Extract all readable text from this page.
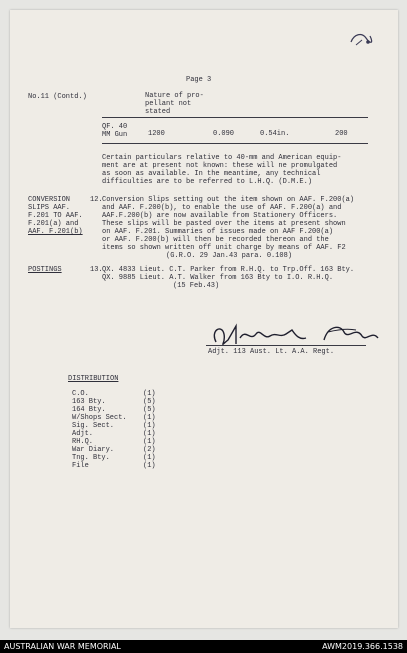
Page 3
No.11 (Contd.)	Nature of pro-
pellant not
stated
QF. 40
MM Gun	1200	0.090	0.54in.	200
Certain particulars relative to 40-mm and American equip-
ment are at present not known: these will ne promulgated
as soon as available. In the meantime, any technical
difficulties are to be referred to L.H.Q. (D.M.E.)
CONVERSION
SLIPS AAF.
F.201 TO AAF.
F.201(a) and
AAF. F.201(b)
12. Conversion Slips setting out the item shown on AAF. F.200(a)
and AAF. F.200(b), to enable the use of AAF. F.200(a) and
AAF.F.200(b) are now available from Stationery Officers.
These slips will be pasted over the items at present shown
on AAF. F.201. Summaries of issues made on AAF F.200(a)
or AAF. F.200(b) will then be recorded thereon and the
items so shown written off unit charge by means of AAF. F2
(G.R.O. 29 Jan.43 para. 0.108)
POSTINGS	13. QX. 4833 Lieut. C.T. Parker from R.H.Q. to Trp.Off. 163 Bty.
QX. 9885 Lieut. A.T. Walker from 163 Bty to I.O. R.H.Q.
(15 Feb.43)
Adjt. 113 Aust. Lt. A.A. Regt.
DISTRIBUTION
C.O.	(1)
163 Bty.	(5)
164 Bty.	(5)
W/Shops Sect. (1)
Sig. Sect.	(1)
Adjt.	(1)
RH.Q.	(1)
War Diary.	(2)
Tng. Bty.	(1)
File	(1)
AUSTRALIAN WAR MEMORIAL	AWM2019.366.1538
